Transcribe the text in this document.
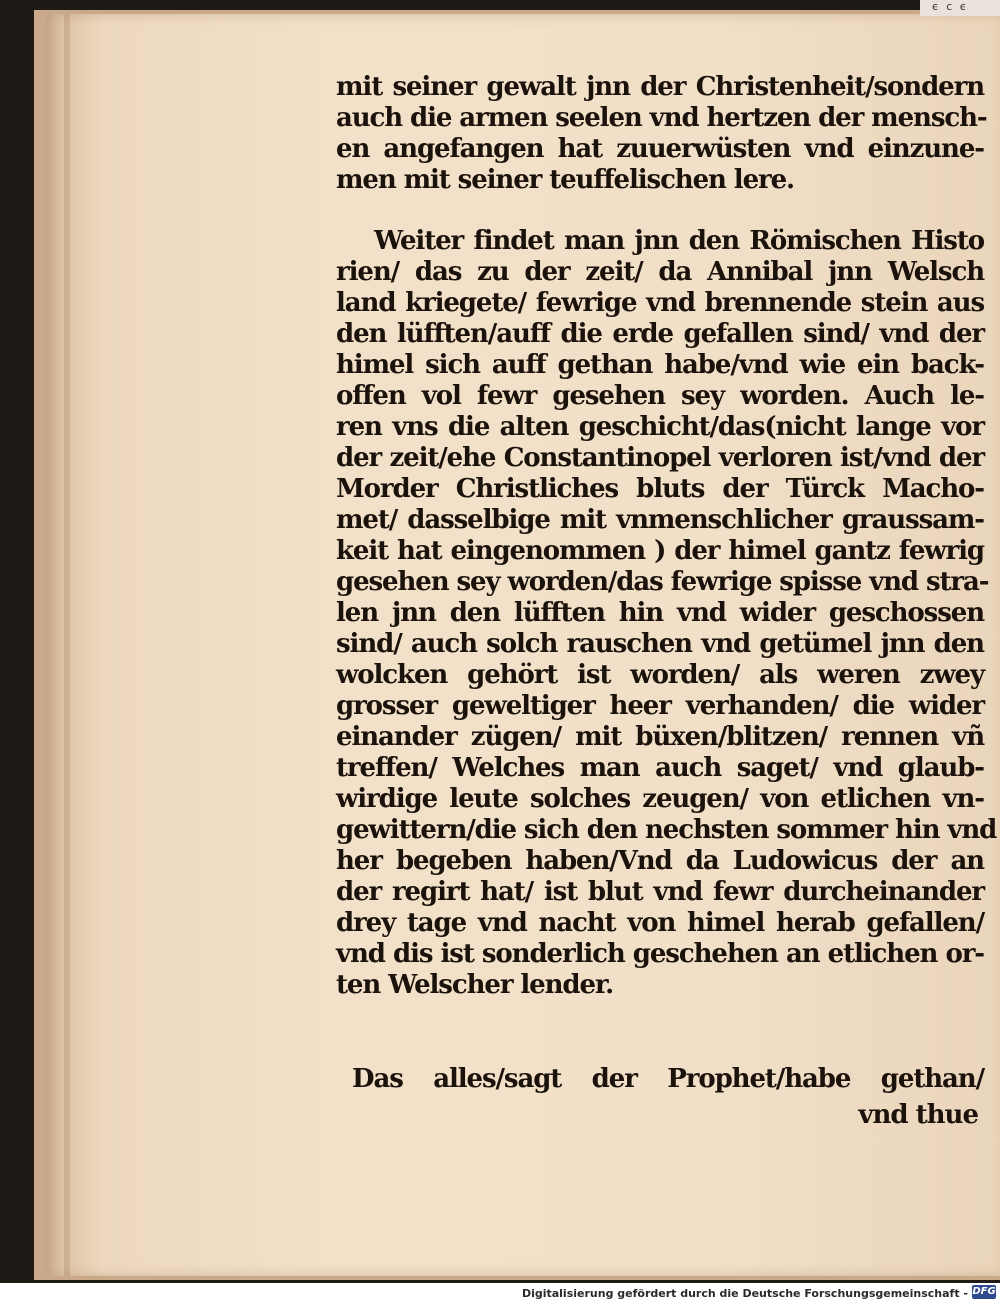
ϵ ϲ ϵ
mit seiner gewalt jnn der Christenheit/sondern
auch die armen seelen vnd hertzen der mensch-
en angefangen hat zuuerwüsten vnd einzune-
men mit seiner teuffelischen lere.
Weiter findet man jnn den Römischen Histo
rien/ das zu der zeit/ da Annibal jnn Welsch
land kriegete/ fewrige vnd brennende stein aus
den lüfften/auff die erde gefallen sind/ vnd der
himel sich auff gethan habe/vnd wie ein back-
offen vol fewr gesehen sey worden. Auch le-
ren vns die alten geschicht/das(nicht lange vor
der zeit/ehe Constantinopel verloren ist/vnd der
Morder Christliches bluts der Türck Macho-
met/ dasselbige mit vnmenschlicher graussam-
keit hat eingenommen ) der himel gantz fewrig
gesehen sey worden/das fewrige spisse vnd stra-
len jnn den lüfften hin vnd wider geschossen
sind/ auch solch rauschen vnd getümel jnn den
wolcken gehört ist worden/ als weren zwey
grosser geweltiger heer verhanden/ die wider
einander zügen/ mit büxen/blitzen/ rennen vñ
treffen/ Welches man auch saget/ vnd glaub-
wirdige leute solches zeugen/ von etlichen vn-
gewittern/die sich den nechsten sommer hin vnd
her begeben haben/Vnd da Ludowicus der an
der regirt hat/ ist blut vnd fewr durcheinander
drey tage vnd nacht von himel herab gefallen/
vnd dis ist sonderlich geschehen an etlichen or-
ten Welscher lender.
Das alles/sagt der Prophet/habe gethan/
vnd thue
Digitalisierung gefördert durch die Deutsche Forschungsgemeinschaft - DFG
